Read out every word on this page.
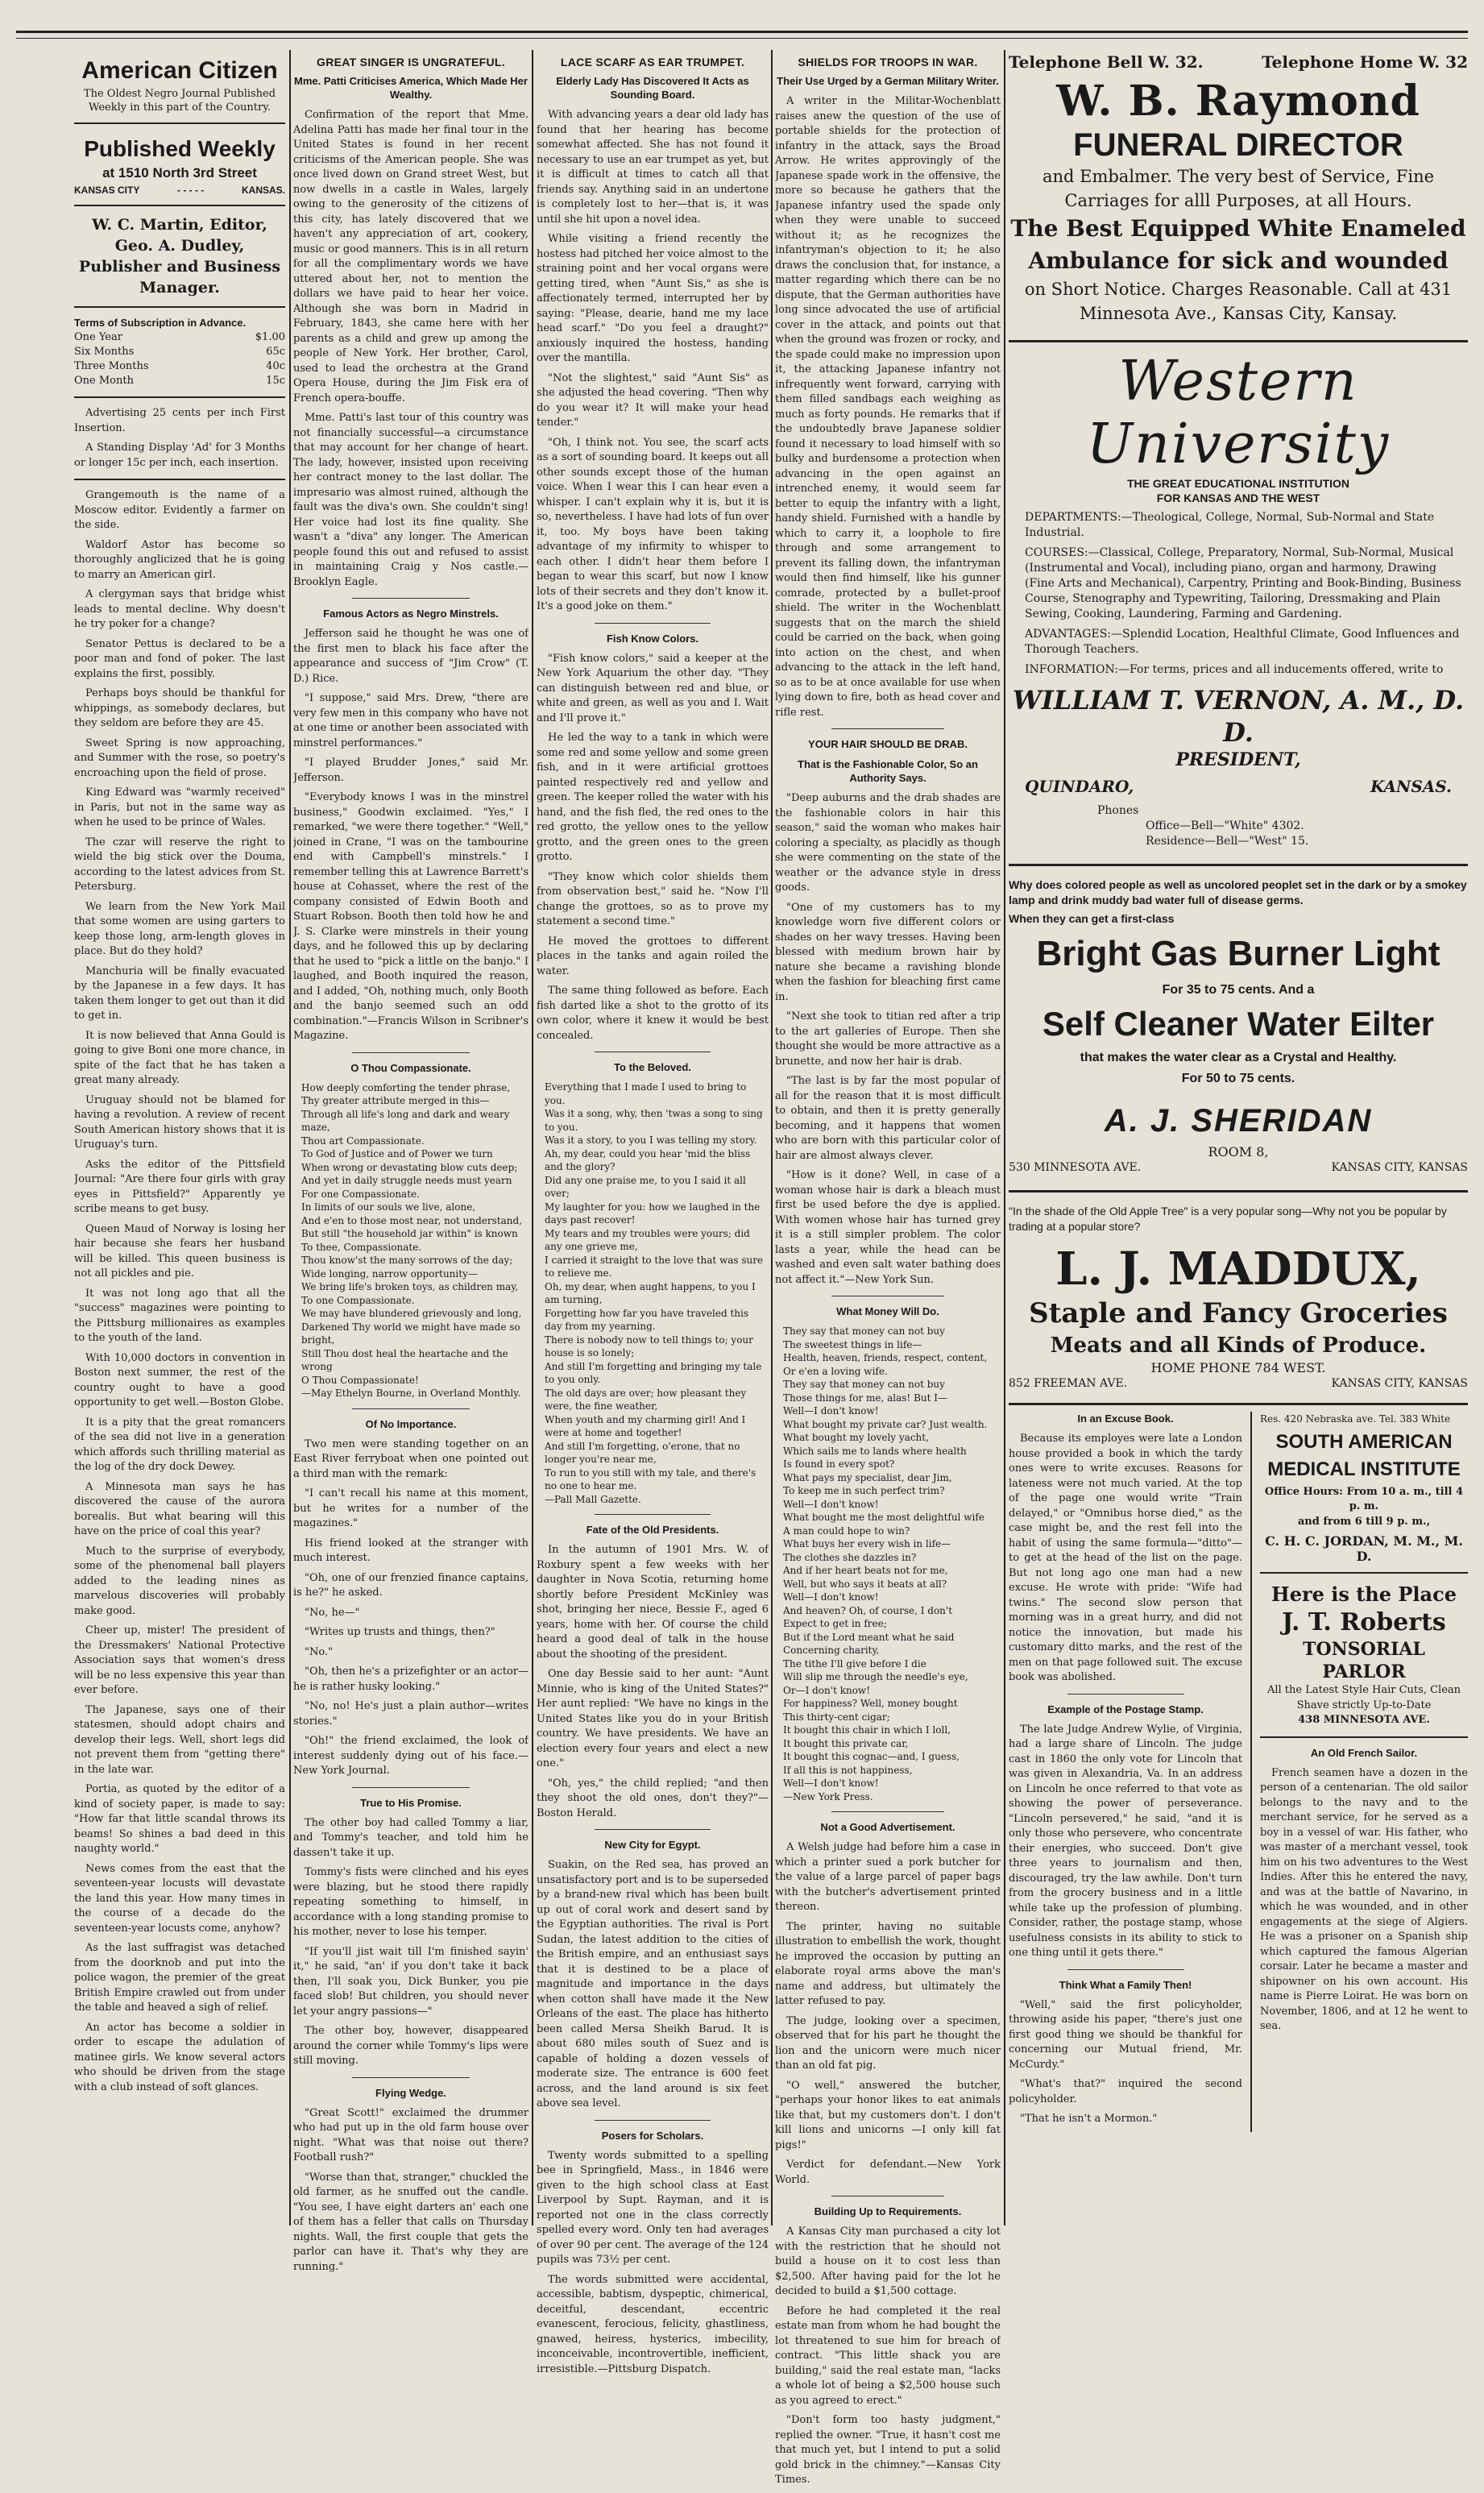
American Citizen
The Oldest Negro Journal Published Weekly in this part of the Country.
Published Weekly
at 1510 North 3rd Street
KANSAS CITY	- - - - -	KANSAS.
W. C. Martin, Editor,
Geo. A. Dudley, Publisher and Business Manager.
Terms of Subscription in Advance.
One Year	$1.00
Six Months	65c
Three Months	40c
One Month	15c

Advertising 25 cents per inch First Insertion.

A Standing Display 'Ad' for 3 Months or longer 15c per inch, each insertion.

Grangemouth is the name of a Moscow editor. Evidently a farmer on the side.

Waldorf Astor has become so thoroughly anglicized that he is going to marry an American girl.

A clergyman says that bridge whist leads to mental decline. Why doesn't he try poker for a change?

Senator Pettus is declared to be a poor man and fond of poker. The last explains the first, possibly.

Perhaps boys should be thankful for whippings, as somebody declares, but they seldom are before they are 45.

Sweet Spring is now approaching, and Summer with the rose, so poetry's encroaching upon the field of prose.

King Edward was "warmly received" in Paris, but not in the same way as when he used to be prince of Wales.

The czar will reserve the right to wield the big stick over the Douma, according to the latest advices from St. Petersburg.

We learn from the New York Mail that some women are using garters to keep those long, arm-length gloves in place. But do they hold?

Manchuria will be finally evacuated by the Japanese in a few days. It has taken them longer to get out than it did to get in.

It is now believed that Anna Gould is going to give Boni one more chance, in spite of the fact that he has taken a great many already.

Uruguay should not be blamed for having a revolution. A review of recent South American history shows that it is Uruguay's turn.

Asks the editor of the Pittsfield Journal: "Are there four girls with gray eyes in Pittsfield?" Apparently ye scribe means to get busy.

Queen Maud of Norway is losing her hair because she fears her husband will be killed. This queen business is not all pickles and pie.

It was not long ago that all the "success" magazines were pointing to the Pittsburg millionaires as examples to the youth of the land.

With 10,000 doctors in convention in Boston next summer, the rest of the country ought to have a good opportunity to get well.—Boston Globe.

It is a pity that the great romancers of the sea did not live in a generation which affords such thrilling material as the log of the dry dock Dewey.

A Minnesota man says he has discovered the cause of the aurora borealis. But what bearing will this have on the price of coal this year?

Much to the surprise of everybody, some of the phenomenal ball players added to the leading nines as marvelous discoveries will probably make good.

Cheer up, mister! The president of the Dressmakers' National Protective Association says that women's dress will be no less expensive this year than ever before.

The Japanese, says one of their statesmen, should adopt chairs and develop their legs. Well, short legs did not prevent them from "getting there" in the late war.

Portia, as quoted by the editor of a kind of society paper, is made to say: "How far that little scandal throws its beams! So shines a bad deed in this naughty world."

News comes from the east that the seventeen-year locusts will devastate the land this year. How many times in the course of a decade do the seventeen-year locusts come, anyhow?

As the last suffragist was detached from the doorknob and put into the police wagon, the premier of the great British Empire crawled out from under the table and heaved a sigh of relief.

An actor has become a soldier in order to escape the adulation of matinee girls. We know several actors who should be driven from the stage with a club instead of soft glances.

GREAT SINGER IS UNGRATEFUL.
Mme. Patti Criticises America, Which Made Her Wealthy.

Confirmation of the report that Mme. Adelina Patti has made her final tour in the United States is found in her recent criticisms of the American people. She was once lived down on Grand street West, but now dwells in a castle in Wales, largely owing to the generosity of the citizens of this city, has lately discovered that we haven't any appreciation of art, cookery, music or good manners. This is in all return for all the complimentary words we have uttered about her, not to mention the dollars we have paid to hear her voice. Although she was born in Madrid in February, 1843, she came here with her parents as a child and grew up among the people of New York. Her brother, Carol, used to lead the orchestra at the Grand Opera House, during the Jim Fisk era of French opera-bouffe.

Mme. Patti's last tour of this country was not financially successful—a circumstance that may account for her change of heart. The lady, however, insisted upon receiving her contract money to the last dollar. The impresario was almost ruined, although the fault was the diva's own. She couldn't sing! Her voice had lost its fine quality. She wasn't a "diva" any longer. The American people found this out and refused to assist in maintaining Craig y Nos castle.—Brooklyn Eagle.

Famous Actors as Negro Minstrels.

Jefferson said he thought he was one of the first men to black his face after the appearance and success of "Jim Crow" (T. D.) Rice.

"I suppose," said Mrs. Drew, "there are very few men in this company who have not at one time or another been associated with minstrel performances."

"I played Brudder Jones," said Mr. Jefferson.

"Everybody knows I was in the minstrel business," Goodwin exclaimed. "Yes," I remarked, "we were there together." "Well," joined in Crane, "I was on the tambourine end with Campbell's minstrels." I remember telling this at Lawrence Barrett's house at Cohasset, where the rest of the company consisted of Edwin Booth and Stuart Robson. Booth then told how he and J. S. Clarke were minstrels in their young days, and he followed this up by declaring that he used to "pick a little on the banjo." I laughed, and Booth inquired the reason, and I added, "Oh, nothing much, only Booth and the banjo seemed such an odd combination."—Francis Wilson in Scribner's Magazine.

O Thou Compassionate.
How deeply comforting the tender phrase,
Thy greater attribute merged in this—
Through all life's long and dark and weary maze,
Thou art Compassionate.
To God of Justice and of Power we turn
When wrong or devastating blow cuts deep;
And yet in daily struggle needs must yearn
For one Compassionate.
In limits of our souls we live, alone,
And e'en to those most near, not understand,
But still "the household jar within" is known
To thee, Compassionate.
Thou know'st the many sorrows of the day;
Wide longing, narrow opportunity—
We bring life's broken toys, as children may,
To one Compassionate.
We may have blundered grievously and long,
Darkened Thy world we might have made so bright,
Still Thou dost heal the heartache and the wrong
O Thou Compassionate!
—May Ethelyn Bourne, in Overland Monthly.
Of No Importance.

Two men were standing together on an East River ferryboat when one pointed out a third man with the remark:

"I can't recall his name at this moment, but he writes for a number of the magazines."

His friend looked at the stranger with much interest.

"Oh, one of our frenzied finance captains, is he?" he asked.

"No, he—"

"Writes up trusts and things, then?"

"No."

"Oh, then he's a prizefighter or an actor—he is rather husky looking."

"No, no! He's just a plain author—writes stories."

"Oh!" the friend exclaimed, the look of interest suddenly dying out of his face.—New York Journal.

True to His Promise.

The other boy had called Tommy a liar, and Tommy's teacher, and told him he dassen't take it up.

Tommy's fists were clinched and his eyes were blazing, but he stood there rapidly repeating something to himself, in accordance with a long standing promise to his mother, never to lose his temper.

"If you'll jist wait till I'm finished sayin' it," he said, "an' if you don't take it back then, I'll soak you, Dick Bunker, you pie faced slob! But children, you should never let your angry passions—"

The other boy, however, disappeared around the corner while Tommy's lips were still moving.

Flying Wedge.

"Great Scott!" exclaimed the drummer who had put up in the old farm house over night. "What was that noise out there? Football rush?"

"Worse than that, stranger," chuckled the old farmer, as he snuffed out the candle. "You see, I have eight darters an' each one of them has a feller that calls on Thursday nights. Wall, the first couple that gets the parlor can have it. That's why they are running."

LACE SCARF AS EAR TRUMPET.
Elderly Lady Has Discovered It Acts as Sounding Board.

With advancing years a dear old lady has found that her hearing has become somewhat affected. She has not found it necessary to use an ear trumpet as yet, but it is difficult at times to catch all that friends say. Anything said in an undertone is completely lost to her—that is, it was until she hit upon a novel idea.

While visiting a friend recently the hostess had pitched her voice almost to the straining point and her vocal organs were getting tired, when "Aunt Sis," as she is affectionately termed, interrupted her by saying: "Please, dearie, hand me my lace head scarf." "Do you feel a draught?" anxiously inquired the hostess, handing over the mantilla.

"Not the slightest," said "Aunt Sis" as she adjusted the head covering. "Then why do you wear it? It will make your head tender."

"Oh, I think not. You see, the scarf acts as a sort of sounding board. It keeps out all other sounds except those of the human voice. When I wear this I can hear even a whisper. I can't explain why it is, but it is so, nevertheless. I have had lots of fun over it, too. My boys have been taking advantage of my infirmity to whisper to each other. I didn't hear them before I began to wear this scarf, but now I know lots of their secrets and they don't know it. It's a good joke on them."

Fish Know Colors.

"Fish know colors," said a keeper at the New York Aquarium the other day. "They can distinguish between red and blue, or white and green, as well as you and I. Wait and I'll prove it."

He led the way to a tank in which were some red and some yellow and some green fish, and in it were artificial grottoes painted respectively red and yellow and green. The keeper rolled the water with his hand, and the fish fled, the red ones to the red grotto, the yellow ones to the yellow grotto, and the green ones to the green grotto.

"They know which color shields them from observation best," said he. "Now I'll change the grottoes, so as to prove my statement a second time."

He moved the grottoes to different places in the tanks and again roiled the water.

The same thing followed as before. Each fish darted like a shot to the grotto of its own color, where it knew it would be best concealed.

To the Beloved.
Everything that I made I used to bring to you.
Was it a song, why, then 'twas a song to sing to you.
Was it a story, to you I was telling my story.
Ah, my dear, could you hear 'mid the bliss and the glory?
Did any one praise me, to you I said it all over;
My laughter for you: how we laughed in the days past recover!
My tears and my troubles were yours; did any one grieve me,
I carried it straight to the love that was sure to relieve me.
Oh, my dear, when aught happens, to you I am turning,
Forgetting how far you have traveled this day from my yearning.
There is nobody now to tell things to; your house is so lonely;
And still I'm forgetting and bringing my tale to you only.
The old days are over; how pleasant they were, the fine weather,
When youth and my charming girl! And I were at home and together!
And still I'm forgetting, o'erone, that no longer you're near me,
To run to you still with my tale, and there's no one to hear me.
—Pall Mall Gazette.
Fate of the Old Presidents.

In the autumn of 1901 Mrs. W. of Roxbury spent a few weeks with her daughter in Nova Scotia, returning home shortly before President McKinley was shot, bringing her niece, Bessie F., aged 6 years, home with her. Of course the child heard a good deal of talk in the house about the shooting of the president.

One day Bessie said to her aunt: "Aunt Minnie, who is king of the United States?" Her aunt replied: "We have no kings in the United States like you do in your British country. We have presidents. We have an election every four years and elect a new one."

"Oh, yes," the child replied; "and then they shoot the old ones, don't they?"—Boston Herald.

New City for Egypt.

Suakin, on the Red sea, has proved an unsatisfactory port and is to be superseded by a brand-new rival which has been built up out of coral work and desert sand by the Egyptian authorities. The rival is Port Sudan, the latest addition to the cities of the British empire, and an enthusiast says that it is destined to be a place of magnitude and importance in the days when cotton shall have made it the New Orleans of the east. The place has hitherto been called Mersa Sheikh Barud. It is about 680 miles south of Suez and is capable of holding a dozen vessels of moderate size. The entrance is 600 feet across, and the land around is six feet above sea level.

Posers for Scholars.

Twenty words submitted to a spelling bee in Springfield, Mass., in 1846 were given to the high school class at East Liverpool by Supt. Rayman, and it is reported not one in the class correctly spelled every word. Only ten had averages of over 90 per cent. The average of the 124 pupils was 73½ per cent.

The words submitted were accidental, accessible, babtism, dyspeptic, chimerical, deceitful, descendant, eccentric evanescent, ferocious, felicity, ghastliness, gnawed, heiress, hysterics, imbecility, inconceivable, incontrovertible, inefficient, irresistible.—Pittsburg Dispatch.

SHIELDS FOR TROOPS IN WAR.
Their Use Urged by a German Military Writer.

A writer in the Militar-Wochenblatt raises anew the question of the use of portable shields for the protection of infantry in the attack, says the Broad Arrow. He writes approvingly of the Japanese spade work in the offensive, the more so because he gathers that the Japanese infantry used the spade only when they were unable to succeed without it; as he recognizes the infantryman's objection to it; he also draws the conclusion that, for instance, a matter regarding which there can be no dispute, that the German authorities have long since advocated the use of artificial cover in the attack, and points out that when the ground was frozen or rocky, and the spade could make no impression upon it, the attacking Japanese infantry not infrequently went forward, carrying with them filled sandbags each weighing as much as forty pounds. He remarks that if the undoubtedly brave Japanese soldier found it necessary to load himself with so bulky and burdensome a protection when advancing in the open against an intrenched enemy, it would seem far better to equip the infantry with a light, handy shield. Furnished with a handle by which to carry it, a loophole to fire through and some arrangement to prevent its falling down, the infantryman would then find himself, like his gunner comrade, protected by a bullet-proof shield. The writer in the Wochenblatt suggests that on the march the shield could be carried on the back, when going into action on the chest, and when advancing to the attack in the left hand, so as to be at once available for use when lying down to fire, both as head cover and rifle rest.

YOUR HAIR SHOULD BE DRAB.
That is the Fashionable Color, So an Authority Says.

"Deep auburns and the drab shades are the fashionable colors in hair this season," said the woman who makes hair coloring a specialty, as placidly as though she were commenting on the state of the weather or the advance style in dress goods.

"One of my customers has to my knowledge worn five different colors or shades on her wavy tresses. Having been blessed with medium brown hair by nature she became a ravishing blonde when the fashion for bleaching first came in.

"Next she took to titian red after a trip to the art galleries of Europe. Then she thought she would be more attractive as a brunette, and now her hair is drab.

"The last is by far the most popular of all for the reason that it is most difficult to obtain, and then it is pretty generally becoming, and it happens that women who are born with this particular color of hair are almost always clever.

"How is it done? Well, in case of a woman whose hair is dark a bleach must first be used before the dye is applied. With women whose hair has turned grey it is a still simpler problem. The color lasts a year, while the head can be washed and even salt water bathing does not affect it."—New York Sun.

What Money Will Do.
They say that money can not buy
The sweetest things in life—
Health, heaven, friends, respect, content,
Or e'en a loving wife.
They say that money can not buy
Those things for me, alas! But I—
Well—I don't know!
What bought my private car? Just wealth.
What bought my lovely yacht,
Which sails me to lands where health
Is found in every spot?
What pays my specialist, dear Jim,
To keep me in such perfect trim?
Well—I don't know!
What bought me the most delightful wife
A man could hope to win?
What buys her every wish in life—
The clothes she dazzles in?
And if her heart beats not for me,
Well, but who says it beats at all?
Well—I don't know!
And heaven? Oh, of course, I don't
Expect to get in free;
But if the Lord meant what he said
Concerning charity,
The tithe I'll give before I die
Will slip me through the needle's eye,
Or—I don't know!
For happiness? Well, money bought
This thirty-cent cigar;
It bought this chair in which I loll,
It bought this private car,
It bought this cognac—and, I guess,
If all this is not happiness,
Well—I don't know!
—New York Press.
Not a Good Advertisement.

A Welsh judge had before him a case in which a printer sued a pork butcher for the value of a large parcel of paper bags with the butcher's advertisement printed thereon.

The printer, having no suitable illustration to embellish the work, thought he improved the occasion by putting an elaborate royal arms above the man's name and address, but ultimately the latter refused to pay.

The judge, looking over a specimen, observed that for his part he thought the lion and the unicorn were much nicer than an old fat pig.

"O well," answered the butcher, "perhaps your honor likes to eat animals like that, but my customers don't. I don't kill lions and unicorns —I only kill fat pigs!"

Verdict for defendant.—New York World.

Building Up to Requirements.

A Kansas City man purchased a city lot with the restriction that he should not build a house on it to cost less than $2,500. After having paid for the lot he decided to build a $1,500 cottage.

Before he had completed it the real estate man from whom he had bought the lot threatened to sue him for breach of contract. "This little shack you are building," said the real estate man, "lacks a whole lot of being a $2,500 house such as you agreed to erect."

"Don't form too hasty judgment," replied the owner. "True, it hasn't cost me that much yet, but I intend to put a solid gold brick in the chimney."—Kansas City Times.

Telephone Bell W. 32.	Telephone Home W. 32
W. B. Raymond
FUNERAL DIRECTOR
and Embalmer. The very best of Service, Fine Carriages for alll Purposes, at all Hours.
The Best Equipped White Enameled Ambulance for sick and wounded
on Short Notice. Charges Reasonable. Call at 431 Minnesota Ave., Kansas City, Kansay.
Western University
THE GREAT EDUCATIONAL INSTITUTION
FOR KANSAS AND THE WEST
DEPARTMENTS:—Theological, College, Normal, Sub-Normal and State Industrial.
COURSES:—Classical, College, Preparatory, Normal, Sub-Normal, Musical (Instrumental and Vocal), including piano, organ and harmony, Drawing (Fine Arts and Mechanical), Carpentry, Printing and Book-Binding, Business Course, Stenography and Typewriting, Tailoring, Dressmaking and Plain Sewing, Cooking, Laundering, Farming and Gardening.
ADVANTAGES:—Splendid Location, Healthful Climate, Good Influences and Thorough Teachers.
INFORMATION:—For terms, prices and all inducements offered, write to
WILLIAM T. VERNON, A. M., D. D.
PRESIDENT,
QUINDARO,	KANSAS.
Phones
Office—Bell—"White" 4302.
Residence—Bell—"West" 15.
Why does colored people as well as uncolored peoplet set in the dark or by a smokey lamp and drink muddy bad water full of disease germs.
When they can get a first-class
Bright Gas Burner Light
For 35 to 75 cents. And a
Self Cleaner Water Eilter
that makes the water clear as a Crystal and Healthy.
For 50 to 75 cents.
A. J. SHERIDAN
ROOM 8,
530 MINNESOTA AVE.	KANSAS CITY, KANSAS
"In the shade of the Old Apple Tree" is a very popular song—Why not you be popular by trading at a popular store?
L. J. MADDUX,
Staple and Fancy Groceries
Meats and all Kinds of Produce.
HOME PHONE 784 WEST.
852 FREEMAN AVE.	KANSAS CITY, KANSAS
In an Excuse Book.

Because its employes were late a London house provided a book in which the tardy ones were to write excuses. Reasons for lateness were not much varied. At the top of the page one would write "Train delayed," or "Omnibus horse died," as the case might be, and the rest fell into the habit of using the same formula—"ditto"—to get at the head of the list on the page. But not long ago one man had a new excuse. He wrote with pride: "Wife had twins." The second slow person that morning was in a great hurry, and did not notice the innovation, but made his customary ditto marks, and the rest of the men on that page followed suit. The excuse book was abolished.

Example of the Postage Stamp.

The late Judge Andrew Wylie, of Virginia, had a large share of Lincoln. The judge cast in 1860 the only vote for Lincoln that was given in Alexandria, Va. In an address on Lincoln he once referred to that vote as showing the power of perseverance. "Lincoln persevered," he said, "and it is only those who persevere, who concentrate their energies, who succeed. Don't give three years to journalism and then, discouraged, try the law awhile. Don't turn from the grocery business and in a little while take up the profession of plumbing. Consider, rather, the postage stamp, whose usefulness consists in its ability to stick to one thing until it gets there."

Think What a Family Then!

"Well," said the first policyholder, throwing aside his paper, "there's just one first good thing we should be thankful for concerning our Mutual friend, Mr. McCurdy."

"What's that?" inquired the second policyholder.

"That he isn't a Mormon."

Res. 420 Nebraska ave. Tel. 383 White
SOUTH AMERICAN
MEDICAL INSTITUTE
Office Hours: From 10 a. m., till 4 p. m.
and from 6 till 9 p. m.,
C. H. C. JORDAN, M. M., M. D.
Here is the Place
J. T. Roberts
TONSORIAL PARLOR
All the Latest Style Hair Cuts, Clean Shave strictly Up-to-Date
438 MINNESOTA AVE.
An Old French Sailor.

French seamen have a dozen in the person of a centenarian. The old sailor belongs to the navy and to the merchant service, for he served as a boy in a vessel of war. His father, who was master of a merchant vessel, took him on his two adventures to the West Indies. After this he entered the navy, and was at the battle of Navarino, in which he was wounded, and in other engagements at the siege of Algiers. He was a prisoner on a Spanish ship which captured the famous Algerian corsair. Later he became a master and shipowner on his own account. His name is Pierre Loirat. He was born on November, 1806, and at 12 he went to sea.
